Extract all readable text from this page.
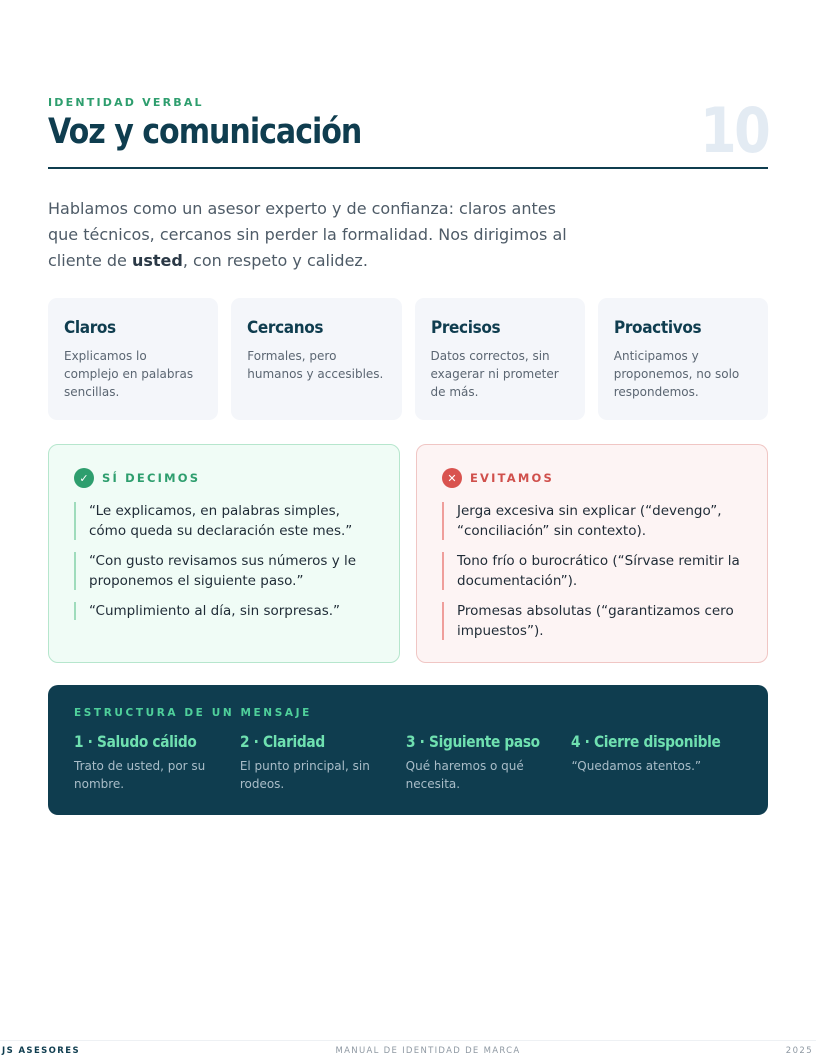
IDENTIDAD VERBAL
Voz y comunicación	10

Hablamos como un asesor experto y de confianza: claros antes que técnicos, cercanos sin perder la formalidad. Nos dirigimos al cliente de usted, con respeto y calidez.

Claros
Explicamos lo complejo en palabras sencillas.
Cercanos
Formales, pero humanos y accesibles.
Precisos
Datos correctos, sin exagerar ni prometer de más.
Proactivos
Anticipamos y proponemos, no solo respondemos.
✓	SÍ DECIMOS
“Le explicamos, en palabras simples, cómo queda su declaración este mes.”
“Con gusto revisamos sus números y le proponemos el siguiente paso.”
“Cumplimiento al día, sin sorpresas.”
✕	EVITAMOS
Jerga excesiva sin explicar (“devengo”, “conciliación” sin contexto).
Tono frío o burocrático (“Sírvase remitir la documentación”).
Promesas absolutas (“garantizamos cero impuestos”).
ESTRUCTURA DE UN MENSAJE
1 · Saludo cálido
Trato de usted, por su nombre.
2 · Claridad
El punto principal, sin rodeos.
3 · Siguiente paso
Qué haremos o qué necesita.
4 · Cierre disponible
“Quedamos atentos.”
JS ASESORES	MANUAL DE IDENTIDAD DE MARCA	2025
